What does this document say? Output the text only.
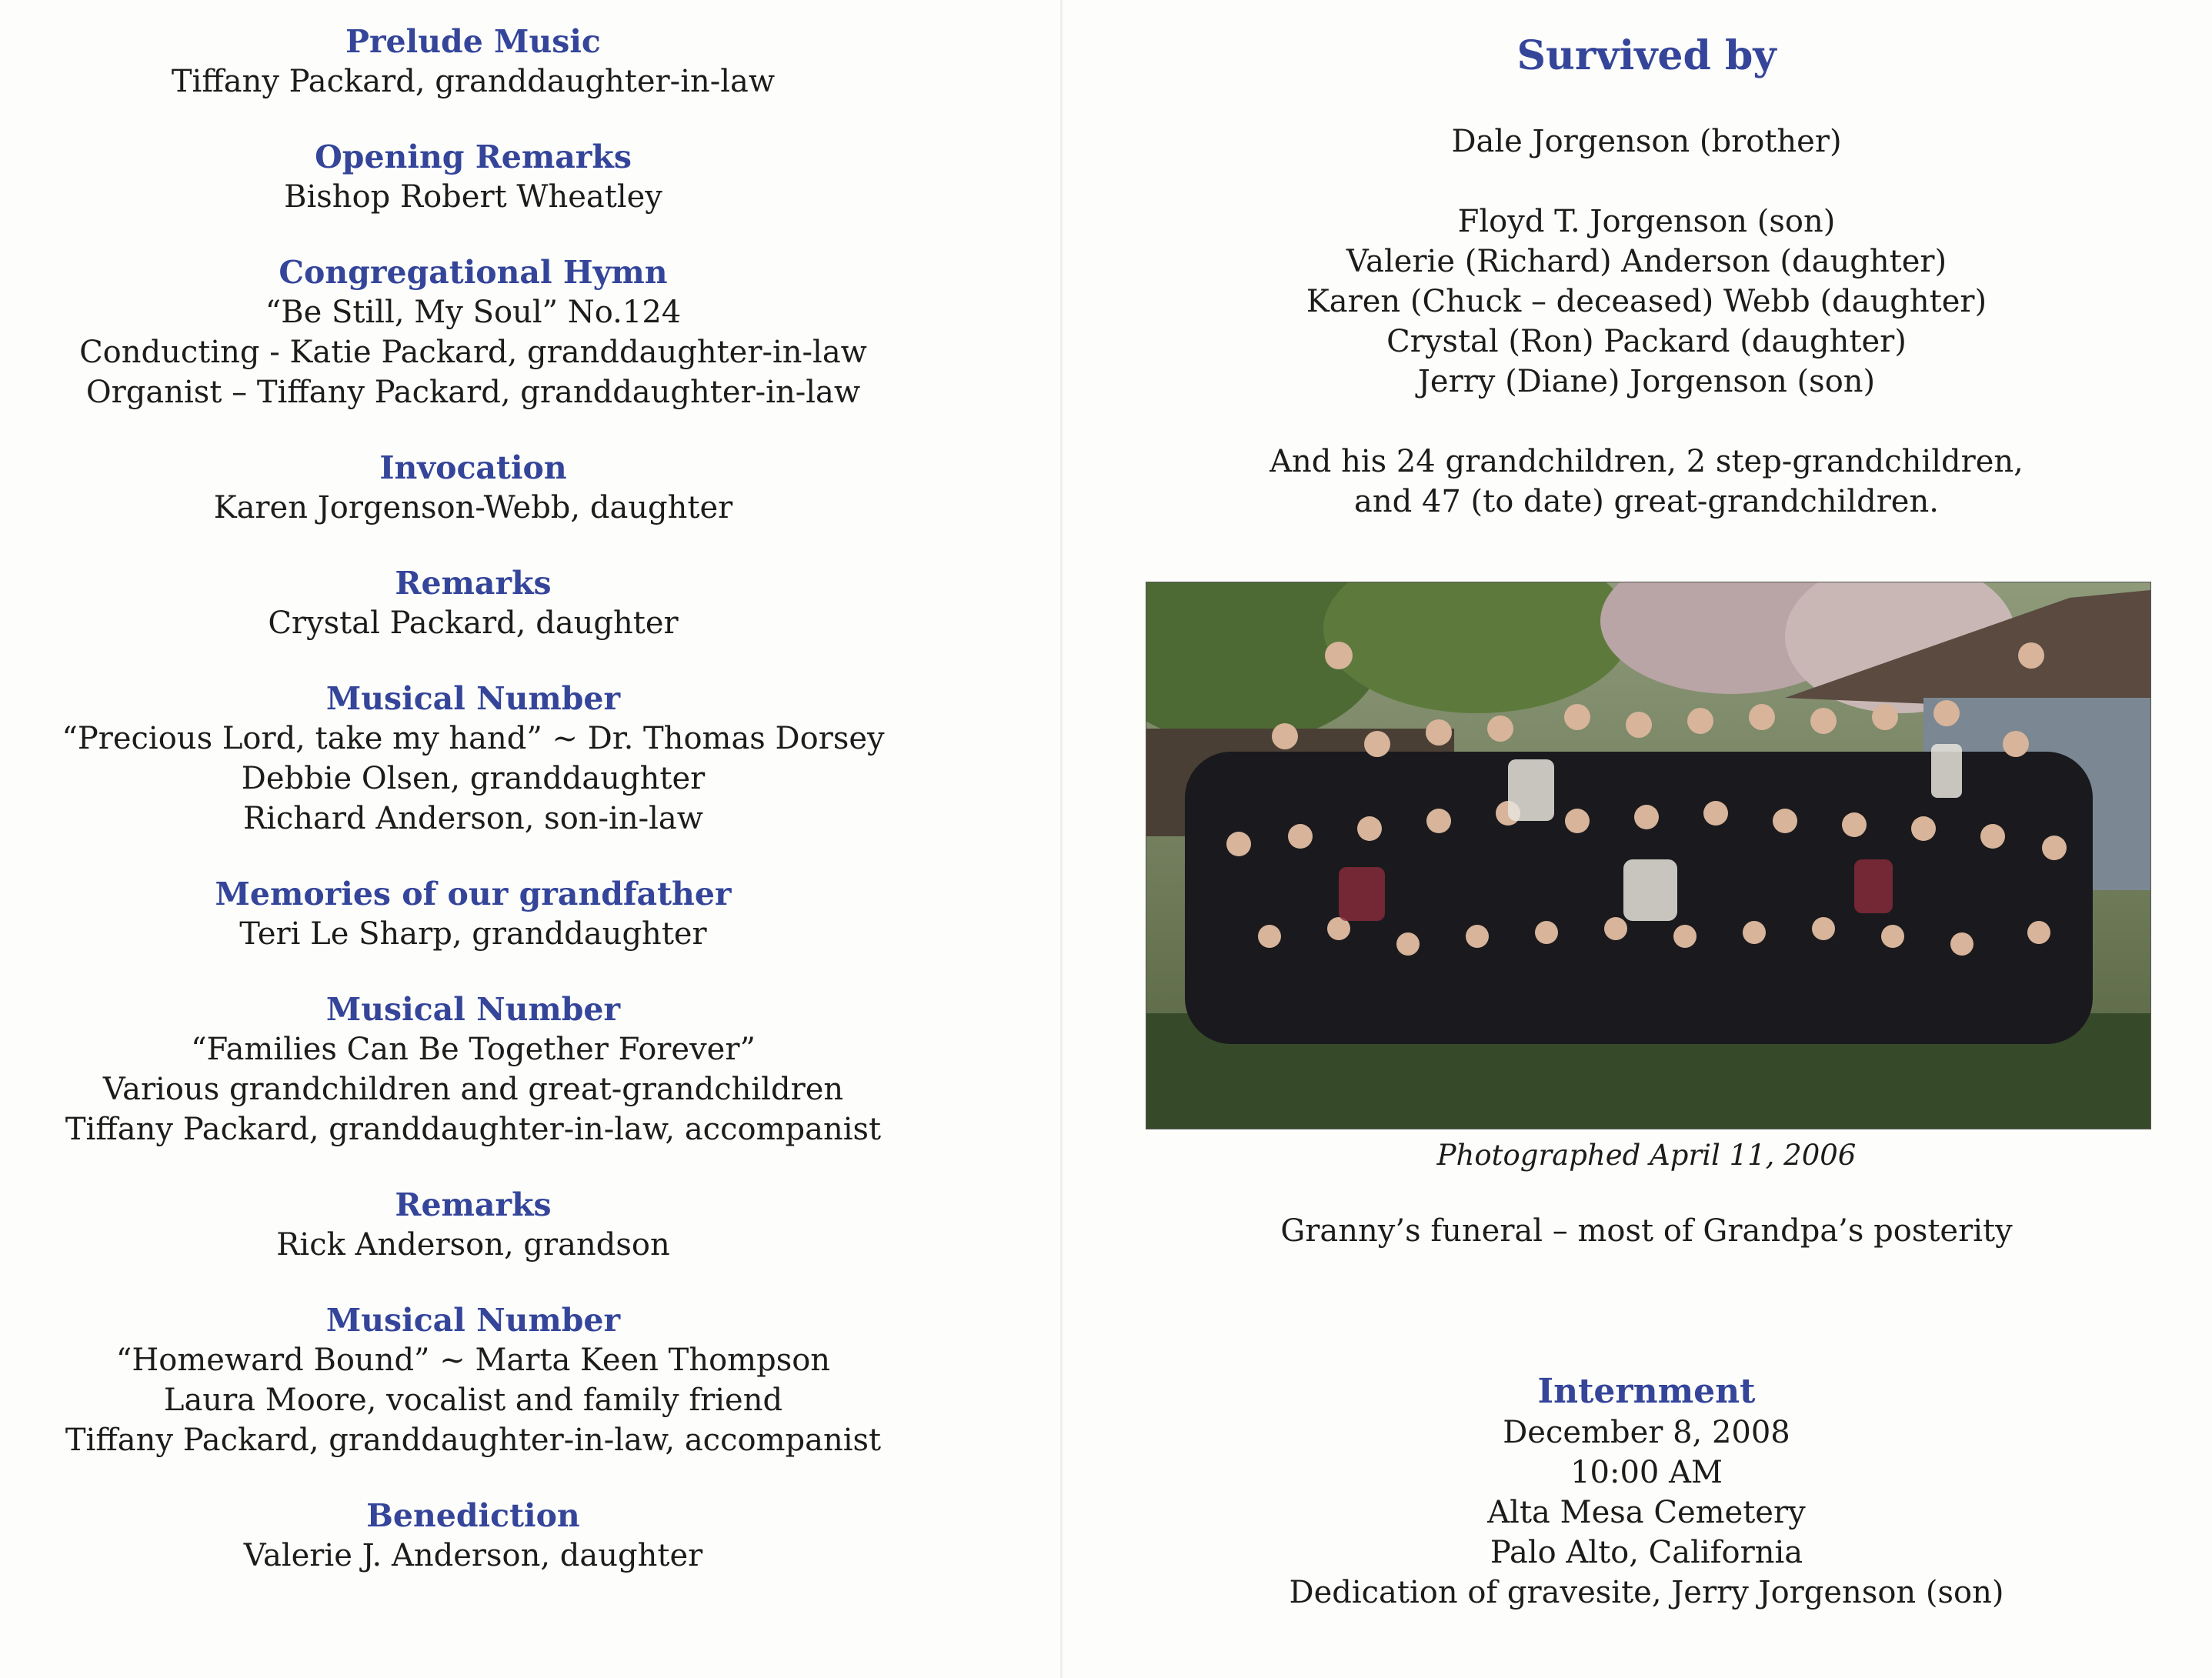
Prelude Music
Tiffany Packard, granddaughter-in-law
Opening Remarks
Bishop Robert Wheatley
Congregational Hymn
“Be Still, My Soul” No.124
Conducting - Katie Packard, granddaughter-in-law
Organist – Tiffany Packard, granddaughter-in-law
Invocation
Karen Jorgenson-Webb, daughter
Remarks
Crystal Packard, daughter
Musical Number
“Precious Lord, take my hand” ~ Dr. Thomas Dorsey
Debbie Olsen, granddaughter
Richard Anderson, son-in-law
Memories of our grandfather
Teri Le Sharp, granddaughter
Musical Number
“Families Can Be Together Forever”
Various grandchildren and great-grandchildren
Tiffany Packard, granddaughter-in-law, accompanist
Remarks
Rick Anderson, grandson
Musical Number
“Homeward Bound” ~ Marta Keen Thompson
Laura Moore, vocalist and family friend
Tiffany Packard, granddaughter-in-law, accompanist
Benediction
Valerie J. Anderson, daughter
Survived by
Dale Jorgenson (brother)
Floyd T. Jorgenson (son)
Valerie (Richard) Anderson (daughter)
Karen (Chuck – deceased) Webb (daughter)
Crystal (Ron) Packard (daughter)
Jerry (Diane) Jorgenson (son)
And his 24 grandchildren, 2 step-grandchildren,
and 47 (to date) great-grandchildren.
Photographed April 11, 2006
Granny’s funeral – most of Grandpa’s posterity
Internment
December 8, 2008
10:00 AM
Alta Mesa Cemetery
Palo Alto, California
Dedication of gravesite, Jerry Jorgenson (son)
